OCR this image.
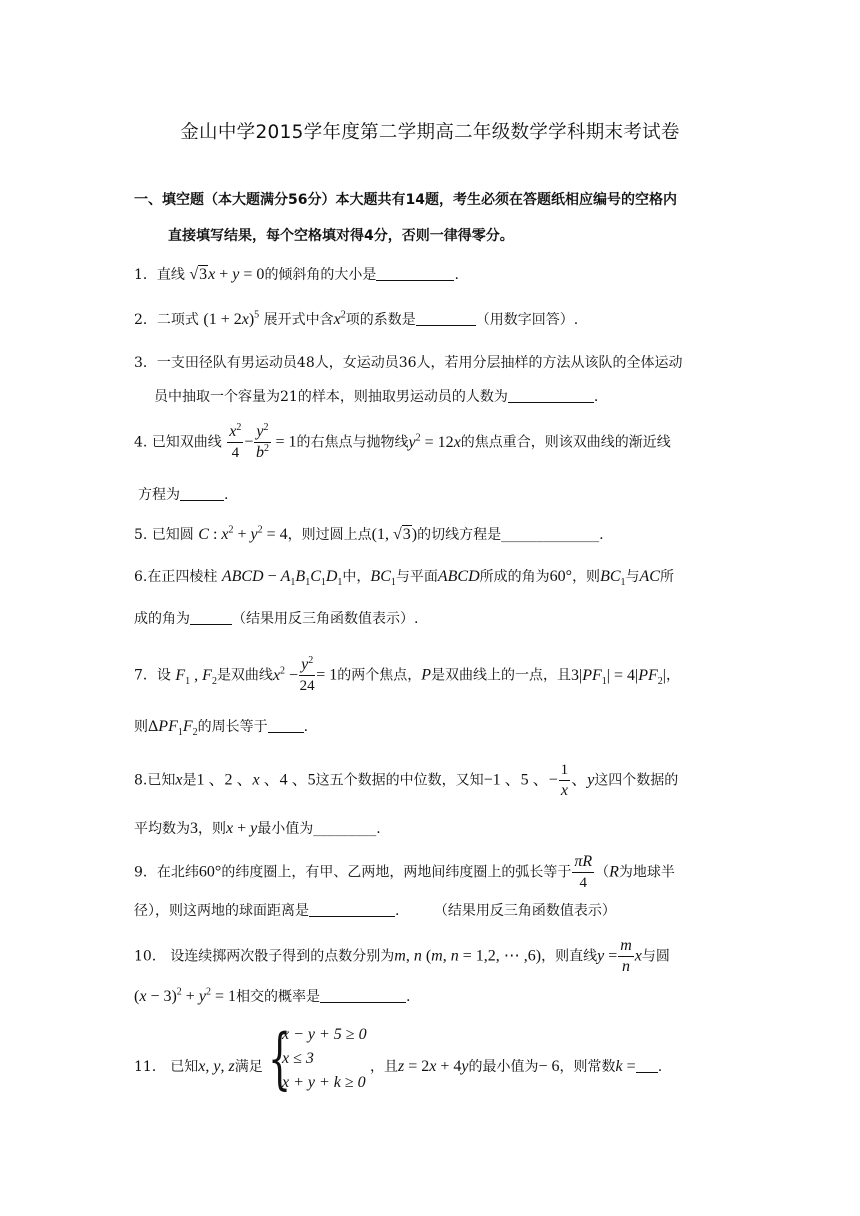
金山中学2015学年度第二学期高二年级数学学科期末考试卷
一、填空题（本大题满分56分）本大题共有14题，考生必须在答题纸相应编号的空格内
直接填写结果，每个空格填对得4分，否则一律得零分。
1．直线 √3x + y = 0的倾斜角的大小是	.
2．二项式 $(1 + 2x)^5$ 展开式中含$x^2$项的系数是	（用数字回答）.
3．一支田径队有男运动员48人，女运动员36人，若用分层抽样的方法从该队的全体运动
员中抽取一个容量为21的样本，则抽取男运动员的人数为	.
4. 已知双曲线 $\frac{x^2}{4} - \frac{y^2}{b^2} = 1$的右焦点与抛物线$y^2 = 12x$的焦点重合，则该双曲线的渐近线
方程为	.
5. 已知圆 C : $x^2 + y^2 = 4$，则过圆上点(1, √3)的切线方程是______________.
6.在正四棱柱 ABCD − $A_1B_1C_1D_1$中，$BC_1$与平面ABCD所成的角为60°，则$BC_1$与AC所
成的角为	（结果用反三角函数值表示）.
7．设 $F_1$ , $F_2$是双曲线$x^2 - \frac{y^2}{24} = 1$的两个焦点，P是双曲线上的一点，且$3|PF_1| = 4|PF_2|$，
则$\Delta PF_1F_2$的周长等于	.
8.已知x是1 、2 、x 、4 、5这五个数据的中位数，又知−1 、5 、− $\frac{1}{x}$ 、y这四个数据的
平均数为3，则x + y最小值为_________.
9．在北纬60°的纬度圈上，有甲、乙两地，两地间纬度圈上的弧长等于 $\frac{\pi R}{4} (R$为地球半
径），则这两地的球面距离是	. （结果用反三角函数值表示）
10． 设连续掷两次骰子得到的点数分别为m, n (m, n = 1,2, ⋯ ,6)，则直线$y = \frac{m}{n}$ x与圆
$(x - 3)^2 + y^2 = 1$相交的概率是	.
11． 已知x, y, z满足 {
x − y + 5 ≥ 0
x ≤ 3
x + y + k ≥ 0
，且z = 2x + 4y的最小值为− 6，则常数k = .
